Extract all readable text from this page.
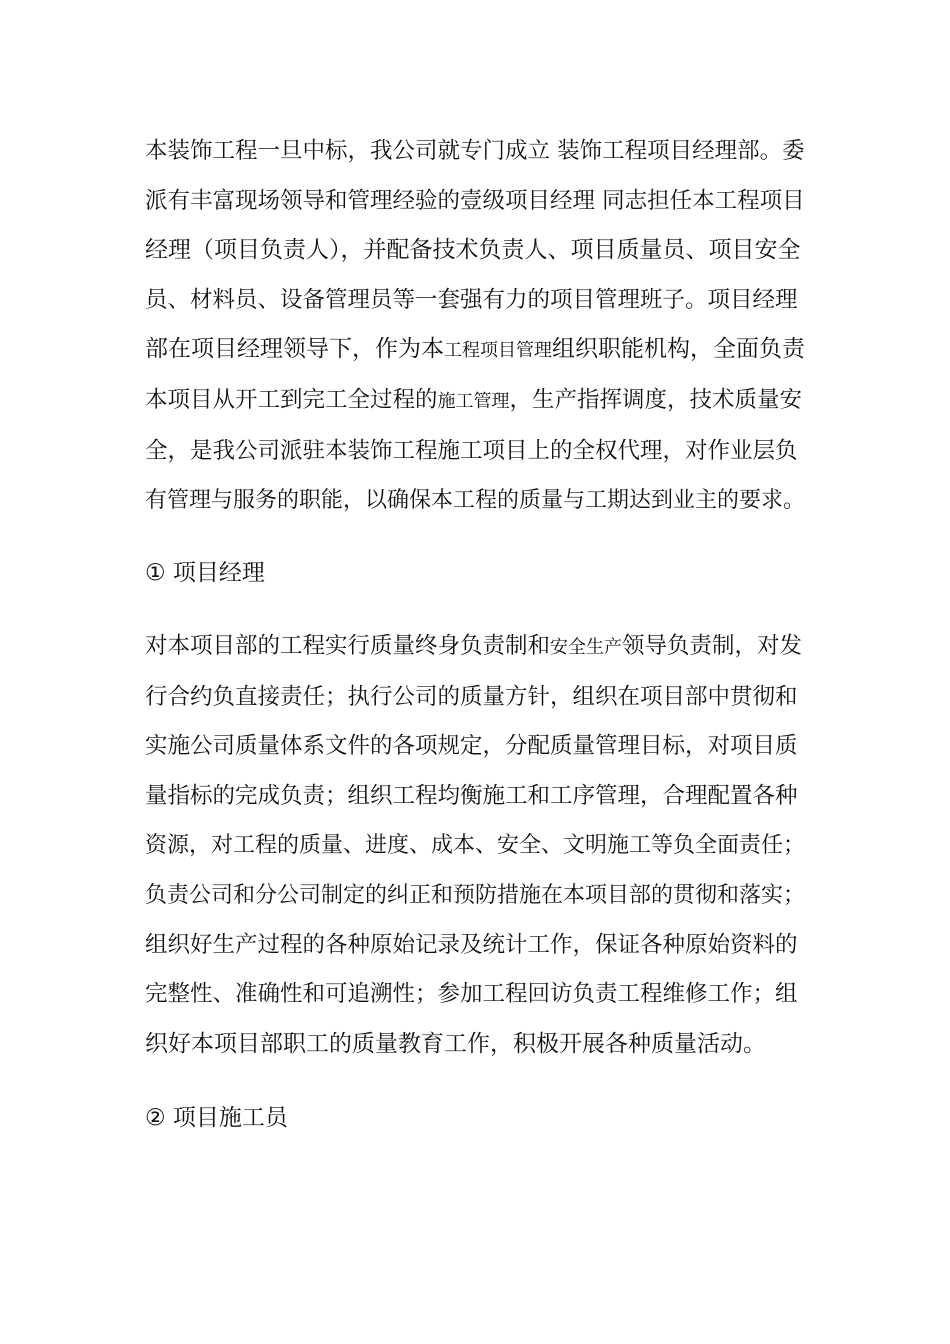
本装饰工程一旦中标，我公司就专门成立 装饰工程项目经理部。委
派有丰富现场领导和管理经验的壹级项目经理 同志担任本工程项目
经理（项目负责人），并配备技术负责人、项目质量员、项目安全
员、材料员、设备管理员等一套强有力的项目管理班子。项目经理
部在项目经理领导下，作为本工程项目管理组织职能机构，全面负责
本项目从开工到完工全过程的施工管理，生产指挥调度，技术质量安
全，是我公司派驻本装饰工程施工项目上的全权代理，对作业层负
有管理与服务的职能，以确保本工程的质量与工期达到业主的要求。

① 项目经理

对本项目部的工程实行质量终身负责制和安全生产领导负责制，对发
行合约负直接责任；执行公司的质量方针，组织在项目部中贯彻和
实施公司质量体系文件的各项规定，分配质量管理目标，对项目质
量指标的完成负责；组织工程均衡施工和工序管理，合理配置各种
资源，对工程的质量、进度、成本、安全、文明施工等负全面责任；
负责公司和分公司制定的纠正和预防措施在本项目部的贯彻和落实；
组织好生产过程的各种原始记录及统计工作，保证各种原始资料的
完整性、准确性和可追溯性；参加工程回访负责工程维修工作；组
织好本项目部职工的质量教育工作，积极开展各种质量活动。

② 项目施工员
